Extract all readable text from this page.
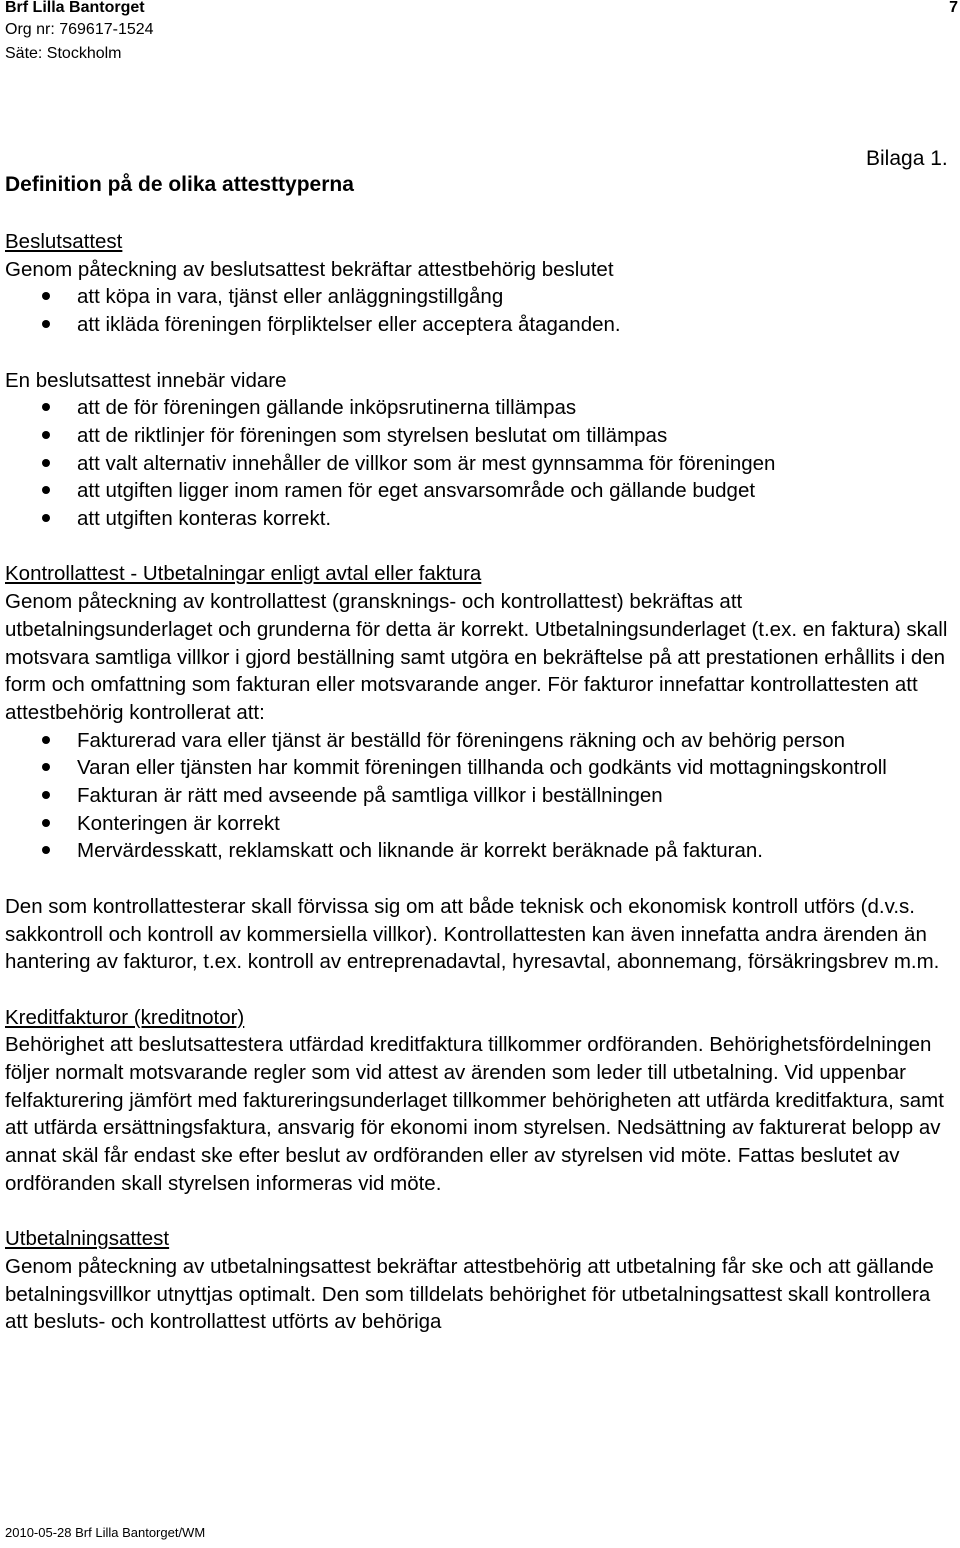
Brf Lilla Bantorget
Org nr: 769617-1524
Säte: Stockholm
7
Bilaga 1.
Definition på de olika attesttyperna

Beslutsattest

Genom påteckning av beslutsattest bekräftar attestbehörig beslutet

att köpa in vara, tjänst eller anläggningstillgång
att ikläda föreningen förpliktelser eller acceptera åtaganden.

En beslutsattest innebär vidare

att de för föreningen gällande inköpsrutinerna tillämpas
att de riktlinjer för föreningen som styrelsen beslutat om tillämpas
att valt alternativ innehåller de villkor som är mest gynnsamma för föreningen
att utgiften ligger inom ramen för eget ansvarsområde och gällande budget
att utgiften konteras korrekt.

Kontrollattest - Utbetalningar enligt avtal eller faktura

Genom påteckning av kontrollattest (gransknings- och kontrollattest) bekräftas att utbetalningsunderlaget och grunderna för detta är korrekt. Utbetalningsunderlaget (t.ex. en faktura) skall motsvara samtliga villkor i gjord beställning samt utgöra en bekräftelse på att prestationen erhållits i den form och omfattning som fakturan eller motsvarande anger. För fakturor innefattar kontrollattesten att attestbehörig kontrollerat att:

Fakturerad vara eller tjänst är beställd för föreningens räkning och av behörig person
Varan eller tjänsten har kommit föreningen tillhanda och godkänts vid mottagningskontroll
Fakturan är rätt med avseende på samtliga villkor i beställningen
Konteringen är korrekt
Mervärdesskatt, reklamskatt och liknande är korrekt beräknade på fakturan.

Den som kontrollattesterar skall förvissa sig om att både teknisk och ekonomisk kontroll utförs (d.v.s. sakkontroll och kontroll av kommersiella villkor). Kontrollattesten kan även innefatta andra ärenden än hantering av fakturor, t.ex. kontroll av entreprenadavtal, hyresavtal, abonnemang, försäkringsbrev m.m.

Kreditfakturor (kreditnotor)

Behörighet att beslutsattestera utfärdad kreditfaktura tillkommer ordföranden. Behörighetsfördelningen följer normalt motsvarande regler som vid attest av ärenden som leder till utbetalning. Vid uppenbar felfakturering jämfört med faktureringsunderlaget tillkommer behörigheten att utfärda kreditfaktura, samt att utfärda ersättningsfaktura, ansvarig för ekonomi inom styrelsen. Nedsättning av fakturerat belopp av annat skäl får endast ske efter beslut av ordföranden eller av styrelsen vid möte. Fattas beslutet av ordföranden skall styrelsen informeras vid möte.

Utbetalningsattest

Genom påteckning av utbetalningsattest bekräftar attestbehörig att utbetalning får ske och att gällande betalningsvillkor utnyttjas optimalt. Den som tilldelats behörighet för utbetalningsattest skall kontrollera att besluts- och kontrollattest utförts av behöriga

2010-05-28 Brf Lilla Bantorget/WM
